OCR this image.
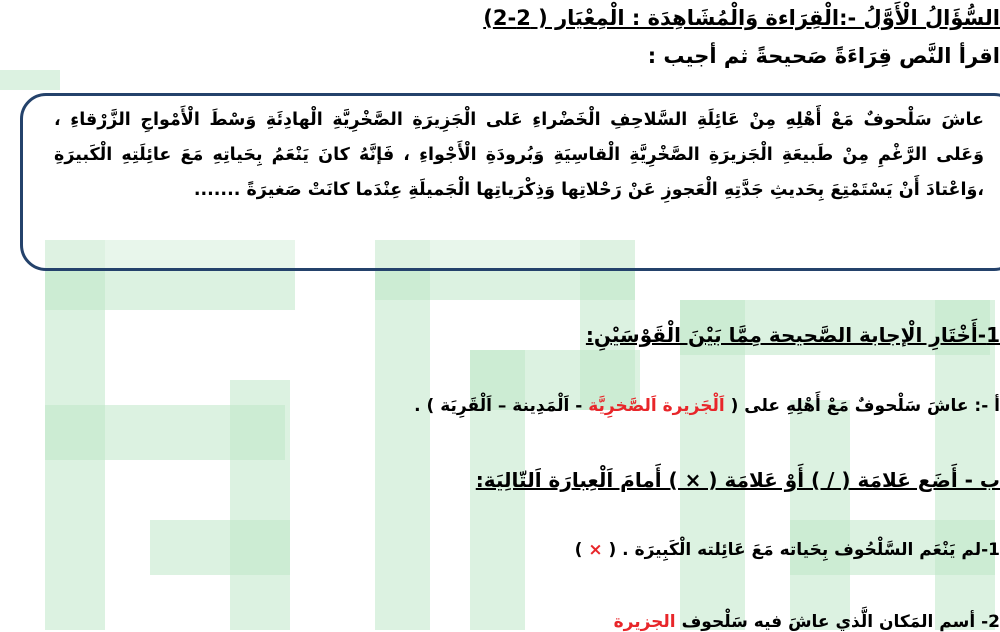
السُّؤَالُ الْأَوَّلُ -:الْقِرَاءة وَالْمُشَاهِدَة : الْمِعْيَار ( 2-2)
اقرأ النَّص قِرَاءَةً صَحيحةً ثم أجيب :
عاشَ سَلْحوفٌ مَعْ أَهْلِهِ مِنْ عَائِلَةِ السَّلاحِفِ الْخَضْراءِ عَلى الْجَزِيرَةِ الصَّخْرِيَّةِ الْهادِئَةِ وَسْطَ الْأَمْواجِ الزَّرْقاءِ ، وَعَلى الرَّغْمِ مِنْ طَبيعَةِ الْجَزيرَةِ الصَّخْرِيَّةِ الْقاسِيَةِ وَبُرودَةِ الْأَجْواءِ ، فَإنَّهُ كانَ يَنْعَمُ بِحَياتِهِ مَعَ عائِلَتِهِ الْكَبيرَةِ ،وَاعْتادَ أَنْ يَسْتَمْتِعَ بِحَديثِ جَدَّتِهِ الْعَجوزِ عَنْ رَحْلاتِها وَذِكْرَياتِها الْجَميلَةِ عِنْدَما كانَتْ صَغيرَةً .......
1-أَخْتَارِ الْإجابة الصَّحيحة مِمَّا بَيْنَ الْقَوْسَيْنِ:
أ -: عاشَ سَلْحوفٌ مَعْ أَهْلِهِ على ( اَلْجَزيرة اَلصَّخرِيَّة - اَلْمَدِينة – اَلْقَرِيَة ) .
ب - أَضَع عَلامَة ( / ) أَوْ عَلامَة ( × ) أَمامَ اَلْعِبارَة اَلتّالِيَة:
1-لم يَنْعَم السَّلْحُوف بِحَياته مَعَ عَائِلته الْكَبِيرَة . ( × )
2- أسم المَكان الَّذي عاشَ فيه سَلْحوف الجزيرة
